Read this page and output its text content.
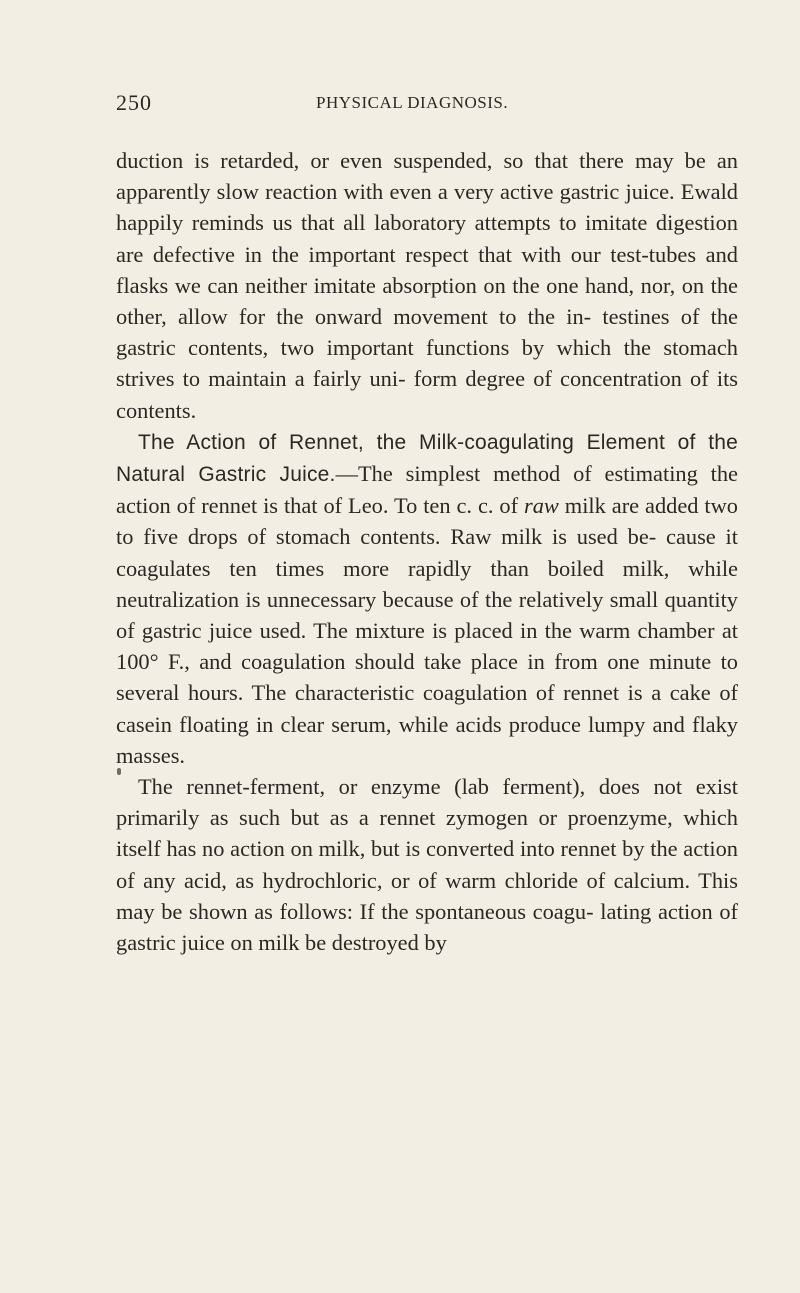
250	PHYSICAL DIAGNOSIS.

duction is retarded, or even suspended, so that there may be an apparently slow reaction with even a very active gastric juice. Ewald happily reminds us that all laboratory attempts to imitate digestion are defective in the important respect that with our test-tubes and flasks we can neither imitate absorption on the one hand, nor, on the other, allow for the onward movement to the in- testines of the gastric contents, two important functions by which the stomach strives to maintain a fairly uni- form degree of concentration of its contents.

The Action of Rennet, the Milk-coagulating Element of the Natural Gastric Juice.—The simplest method of estimating the action of rennet is that of Leo. To ten c. c. of raw milk are added two to five drops of stomach contents. Raw milk is used be- cause it coagulates ten times more rapidly than boiled milk, while neutralization is unnecessary because of the relatively small quantity of gastric juice used. The mixture is placed in the warm chamber at 100° F., and coagulation should take place in from one minute to several hours. The characteristic coagulation of rennet is a cake of casein floating in clear serum, while acids produce lumpy and flaky masses.

The rennet-ferment, or enzyme (lab ferment), does not exist primarily as such but as a rennet zymogen or proenzyme, which itself has no action on milk, but is converted into rennet by the action of any acid, as hydrochloric, or of warm chloride of calcium. This may be shown as follows: If the spontaneous coagu- lating action of gastric juice on milk be destroyed by
